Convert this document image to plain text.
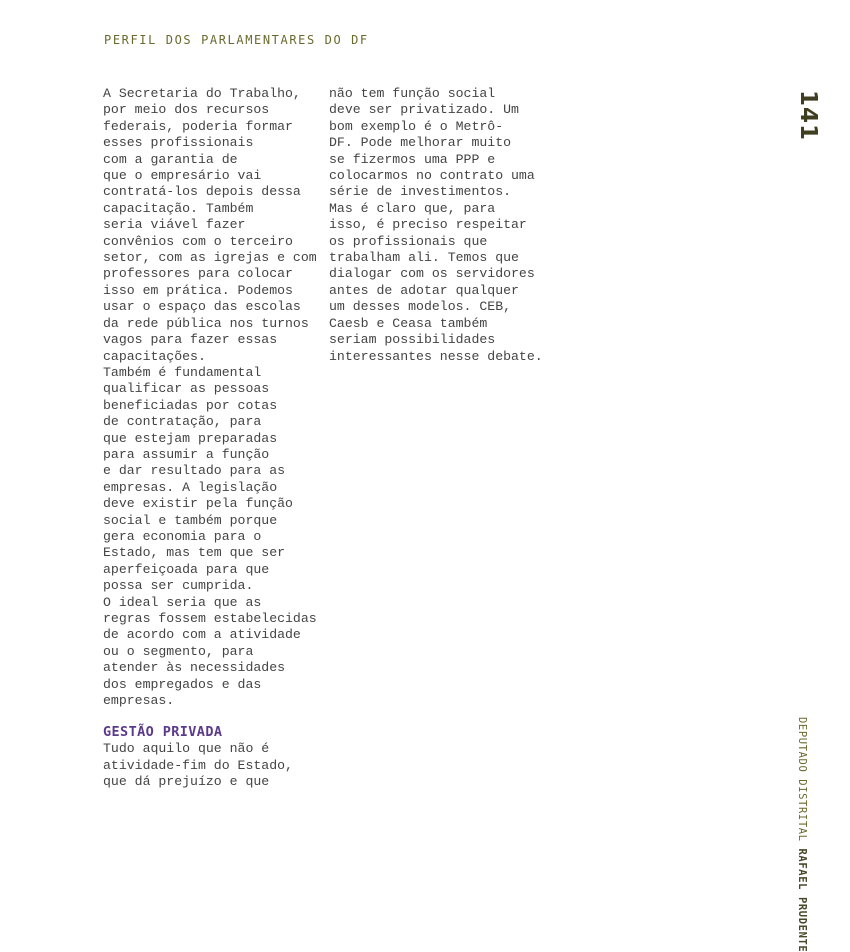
PERFIL DOS PARLAMENTARES DO DF
A Secretaria do Trabalho,
por meio dos recursos
federais, poderia formar
esses profissionais
com a garantia de
que o empresário vai
contratá-los depois dessa
capacitação. Também
seria viável fazer
convênios com o terceiro
setor, com as igrejas e com
professores para colocar
isso em prática. Podemos
usar o espaço das escolas
da rede pública nos turnos
vagos para fazer essas
capacitações.
Também é fundamental
qualificar as pessoas
beneficiadas por cotas
de contratação, para
que estejam preparadas
para assumir a função
e dar resultado para as
empresas. A legislação
deve existir pela função
social e também porque
gera economia para o
Estado, mas tem que ser
aperfeiçoada para que
possa ser cumprida.
O ideal seria que as
regras fossem estabelecidas
de acordo com a atividade
ou o segmento, para
atender às necessidades
dos empregados e das
empresas.
GESTÃO PRIVADA
Tudo aquilo que não é
atividade-fim do Estado,
que dá prejuízo e que
não tem função social
deve ser privatizado. Um
bom exemplo é o Metrô-
DF. Pode melhorar muito
se fizermos uma PPP e
colocarmos no contrato uma
série de investimentos.
Mas é claro que, para
isso, é preciso respeitar
os profissionais que
trabalham ali. Temos que
dialogar com os servidores
antes de adotar qualquer
um desses modelos. CEB,
Caesb e Ceasa também
seriam possibilidades
interessantes nesse debate.
141
DEPUTADO DISTRITAL RAFAEL PRUDENTE
